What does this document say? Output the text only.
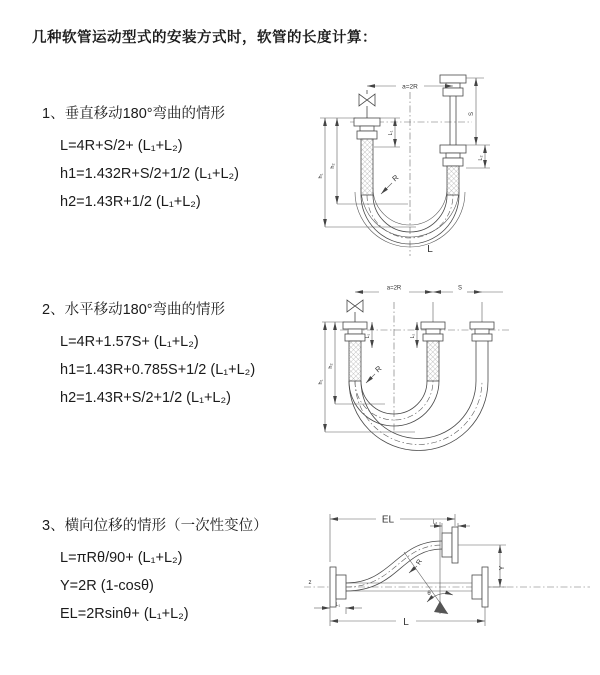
几种软管运动型式的安装方式时，软管的长度计算：
1、垂直移动180°弯曲的情形
L=4R+S/2+ (L₁+L₂)
h1=1.432R+S/2+1/2 (L₁+L₂)
h2=1.43R+1/2 (L₁+L₂)
2、水平移动180°弯曲的情形
L=4R+1.57S+ (L₁+L₂)
h1=1.43R+0.785S+1/2 (L₁+L₂)
h2=1.43R+S/2+1/2 (L₁+L₂)
3、横向位移的情形（一次性变位）
L=πRθ/90+ (L₁+L₂)
Y=2R (1-cosθ)
EL=2Rsinθ+ (L₁+L₂)
a=2R
S
L₂
L₁
h₂
h₁	R
L
a=2R	S
L₁	L₂
h₂
h₁
R
z
θ
EL	L₂
Y
R
L
L₁
